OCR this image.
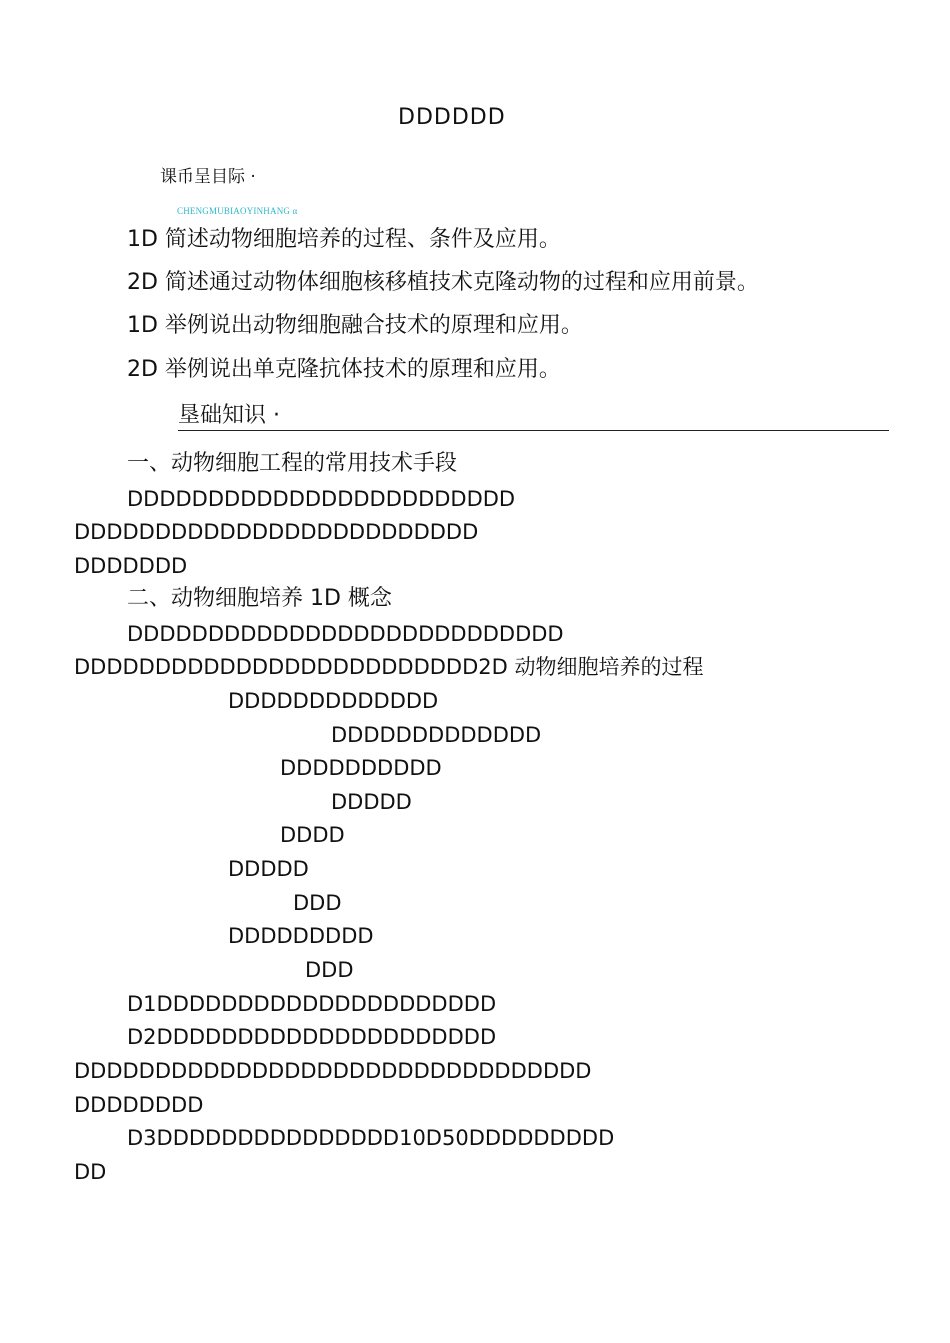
DDDDDD
课币呈目际 ·
CHENGMUBIAOYINHANG α
1D 简述动物细胞培养的过程、条件及应用。
2D 简述通过动物体细胞核移植技术克隆动物的过程和应用前景。
1D 举例说出动物细胞融合技术的原理和应用。
2D 举例说出单克隆抗体技术的原理和应用。
垦础知识 ·
一、动物细胞工程的常用技术手段
DDDDDDDDDDDDDDDDDDDDDDDD
DDDDDDDDDDDDDDDDDDDDDDDDD
DDDDDDD
二、动物细胞培养 1D 概念
DDDDDDDDDDDDDDDDDDDDDDDDDDD
DDDDDDDDDDDDDDDDDDDDDDDDD2D 动物细胞培养的过程
DDDDDDDDDDDDD
DDDDDDDDDDDDD
DDDDDDDDDD
DDDDD
DDDD
DDDDD
DDD
DDDDDDDDD
DDD
D1DDDDDDDDDDDDDDDDDDDDD
D2DDDDDDDDDDDDDDDDDDDDD
DDDDDDDDDDDDDDDDDDDDDDDDDDDDDDDD
DDDDDDDD
D3DDDDDDDDDDDDDDD10D50DDDDDDDDD
DD
